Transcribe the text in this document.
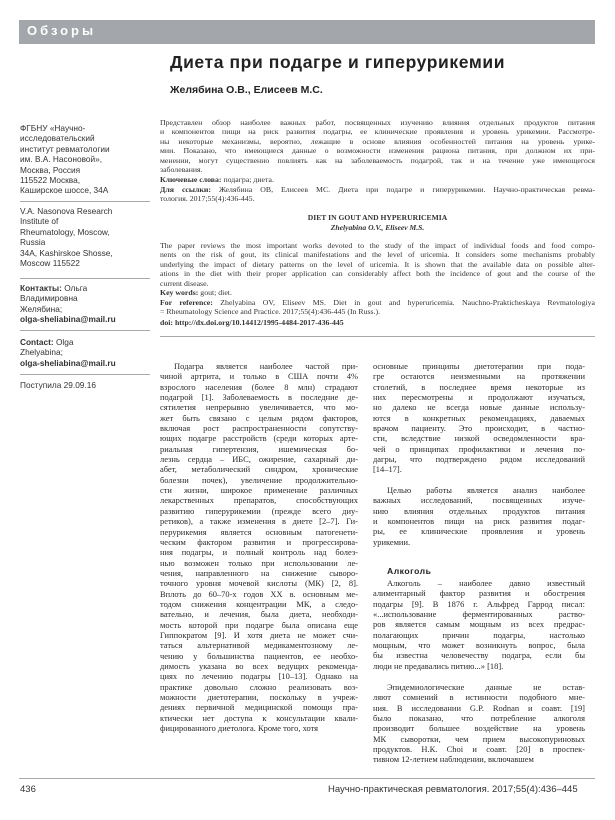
Обзоры
Диета при подагре и гиперурикемии
Желябина О.В., Елисеев М.С.
ФГБНУ «Научно-
исследовательский
институт ревматологии
им. В.А. Насоновой»,
Москва, Россия
115522 Москва,
Каширское шоссе, 34А

V.A. Nasonova Research
Institute of
Rheumatology, Moscow,
Russia
34A, Kashirskoe Shosse,
Moscow 115522

Контакты: Ольга
Владимировна
Желябина;
olga-sheliabina@mail.ru
Contact: Olga
Zhelyabina;
olga-sheliabina@mail.ru
Поступила 29.09.16
Представлен обзор наиболее важных работ, посвященных изучению влияния отдельных продуктов питания
и компонентов пищи на риск развития подагры, ее клинические проявления и уровень урикемии. Рассмотре-
ны некоторые механизмы, вероятно, лежащие в основе влияния особенностей питания на уровень урике-
мии. Показано, что имеющиеся данные о возможности изменения рациона питания, при должном их при-
менении, могут существенно повлиять как на заболеваемость подагрой, так и на течение уже имеющегося
заболевания.
Ключевые слова: подагра; диета.
Для ссылки: Желябина ОВ, Елисеев МС. Диета при подагре и гиперурикемии. Научно-практическая ревма-
тология. 2017;55(4):436-445.
DIET IN GOUT AND HYPERURICEMIA
Zhelyabina O.V., Eliseev M.S.
The paper reviews the most important works devoted to the study of the impact of individual foods and food compo-
nents on the risk of gout, its clinical manifestations and the level of uricemia. It considers some mechanisms probably
underlying the impact of dietary patterns on the level of uricemia. It is shown that the available data on possible alter-
ations in the diet with their proper application can considerably affect both the incidence of gout and the course of the
current disease.
Key words: gout; diet.
For reference: Zhelyabina OV, Eliseev MS. Diet in gout and hyperuricemia. Nauchno-Prakticheskaya Revmatologiya
= Rheumatology Science and Practice. 2017;55(4):436-445 (In Russ.).
doi: http://dx.doi.org/10.14412/1995-4484-2017-436-445
Подагра является наиболее частой при-
чиной артрита, и только в США почти 4%
взрослого населения (более 8 млн) страдают
подагрой [1]. Заболеваемость в последние де-
сятилетия непрерывно увеличивается, что мо-
жет быть связано с целым рядом факторов,
включая рост распространенности сопутству-
ющих подагре расстройств (среди которых арте-
риальная гипертензия, ишемическая бо-
лезнь сердца – ИБС, ожирение, сахарный ди-
абет, метаболический синдром, хронические
болезни почек), увеличение продолжительно-
сти жизни, широкое применение различных
лекарственных препаратов, способствующих
развитию гиперурикемии (прежде всего диу-
ретиков), а также изменения в диете [2–7]. Ги-
перурикемия является основным патогенети-
ческим фактором развития и прогрессирова-
ния подагры, и полный контроль над болез-
нью возможен только при использовании ле-
чения, направленного на снижение сыворо-
точного уровня мочевой кислоты (МК) [2, 8].
Вплоть до 60–70-х годов ХХ в. основным ме-
тодом снижения концентрации МК, а следо-
вательно, и лечения, была диета, необходи-
мость которой при подагре была описана еще
Гиппократом [9]. И хотя диета не может счи-
таться альтернативой медикаментозному ле-
чению у большинства пациентов, ее необхо-
димость указана во всех ведущих рекоменда-
циях по лечению подагры [10–13]. Однако на
практике довольно сложно реализовать воз-
можности диетотерапии, поскольку в учреж-
дениях первичной медицинской помощи пра-
ктически нет доступа к консультации квали-
фицированного диетолога. Кроме того, хотя
основные принципы диетотерапии при пода-
гре остаются неизменными на протяжении
столетий, в последнее время некоторые из
них пересмотрены и продолжают изучаться,
но далеко не всегда новые данные использу-
ются в конкретных рекомендациях, даваемых
врачом пациенту. Это происходит, в частно-
сти, вследствие низкой осведомленности вра-
чей о принципах профилактики и лечения по-
дагры, что подтверждено рядом исследований
[14–17].
Целью работы является анализ наиболее
важных исследований, посвященных изуче-
нию влияния отдельных продуктов питания
и компонентов пищи на риск развития подаг-
ры, ее клинические проявления и уровень
урикемии.
Алкоголь
Алкоголь – наиболее давно известный
алиментарный фактор развития и обострения
подагры [9]. В 1876 г. Альфред Гаррод писал:
«...использование ферментированных раство-
ров является самым мощным из всех предрас-
полагающих причин подагры, настолько
мощным, что может возникнуть вопрос, была
бы известна человечеству подагра, если бы
люди не предавались питию...» [18].
Эпидемиологические данные не остав-
ляют сомнений в истинности подобного мне-
ния. В исследовании G.P. Rodnan и соавт. [19]
было показано, что потребление алкоголя
производит большее воздействие на уровень
МК сыворотки, чем прием высокопуриновых
продуктов. Н.К. Choi и соавт. [20] в проспек-
тивном 12-летнем наблюдении, включавшем
436	Научно-практическая ревматология. 2017;55(4):436–445
